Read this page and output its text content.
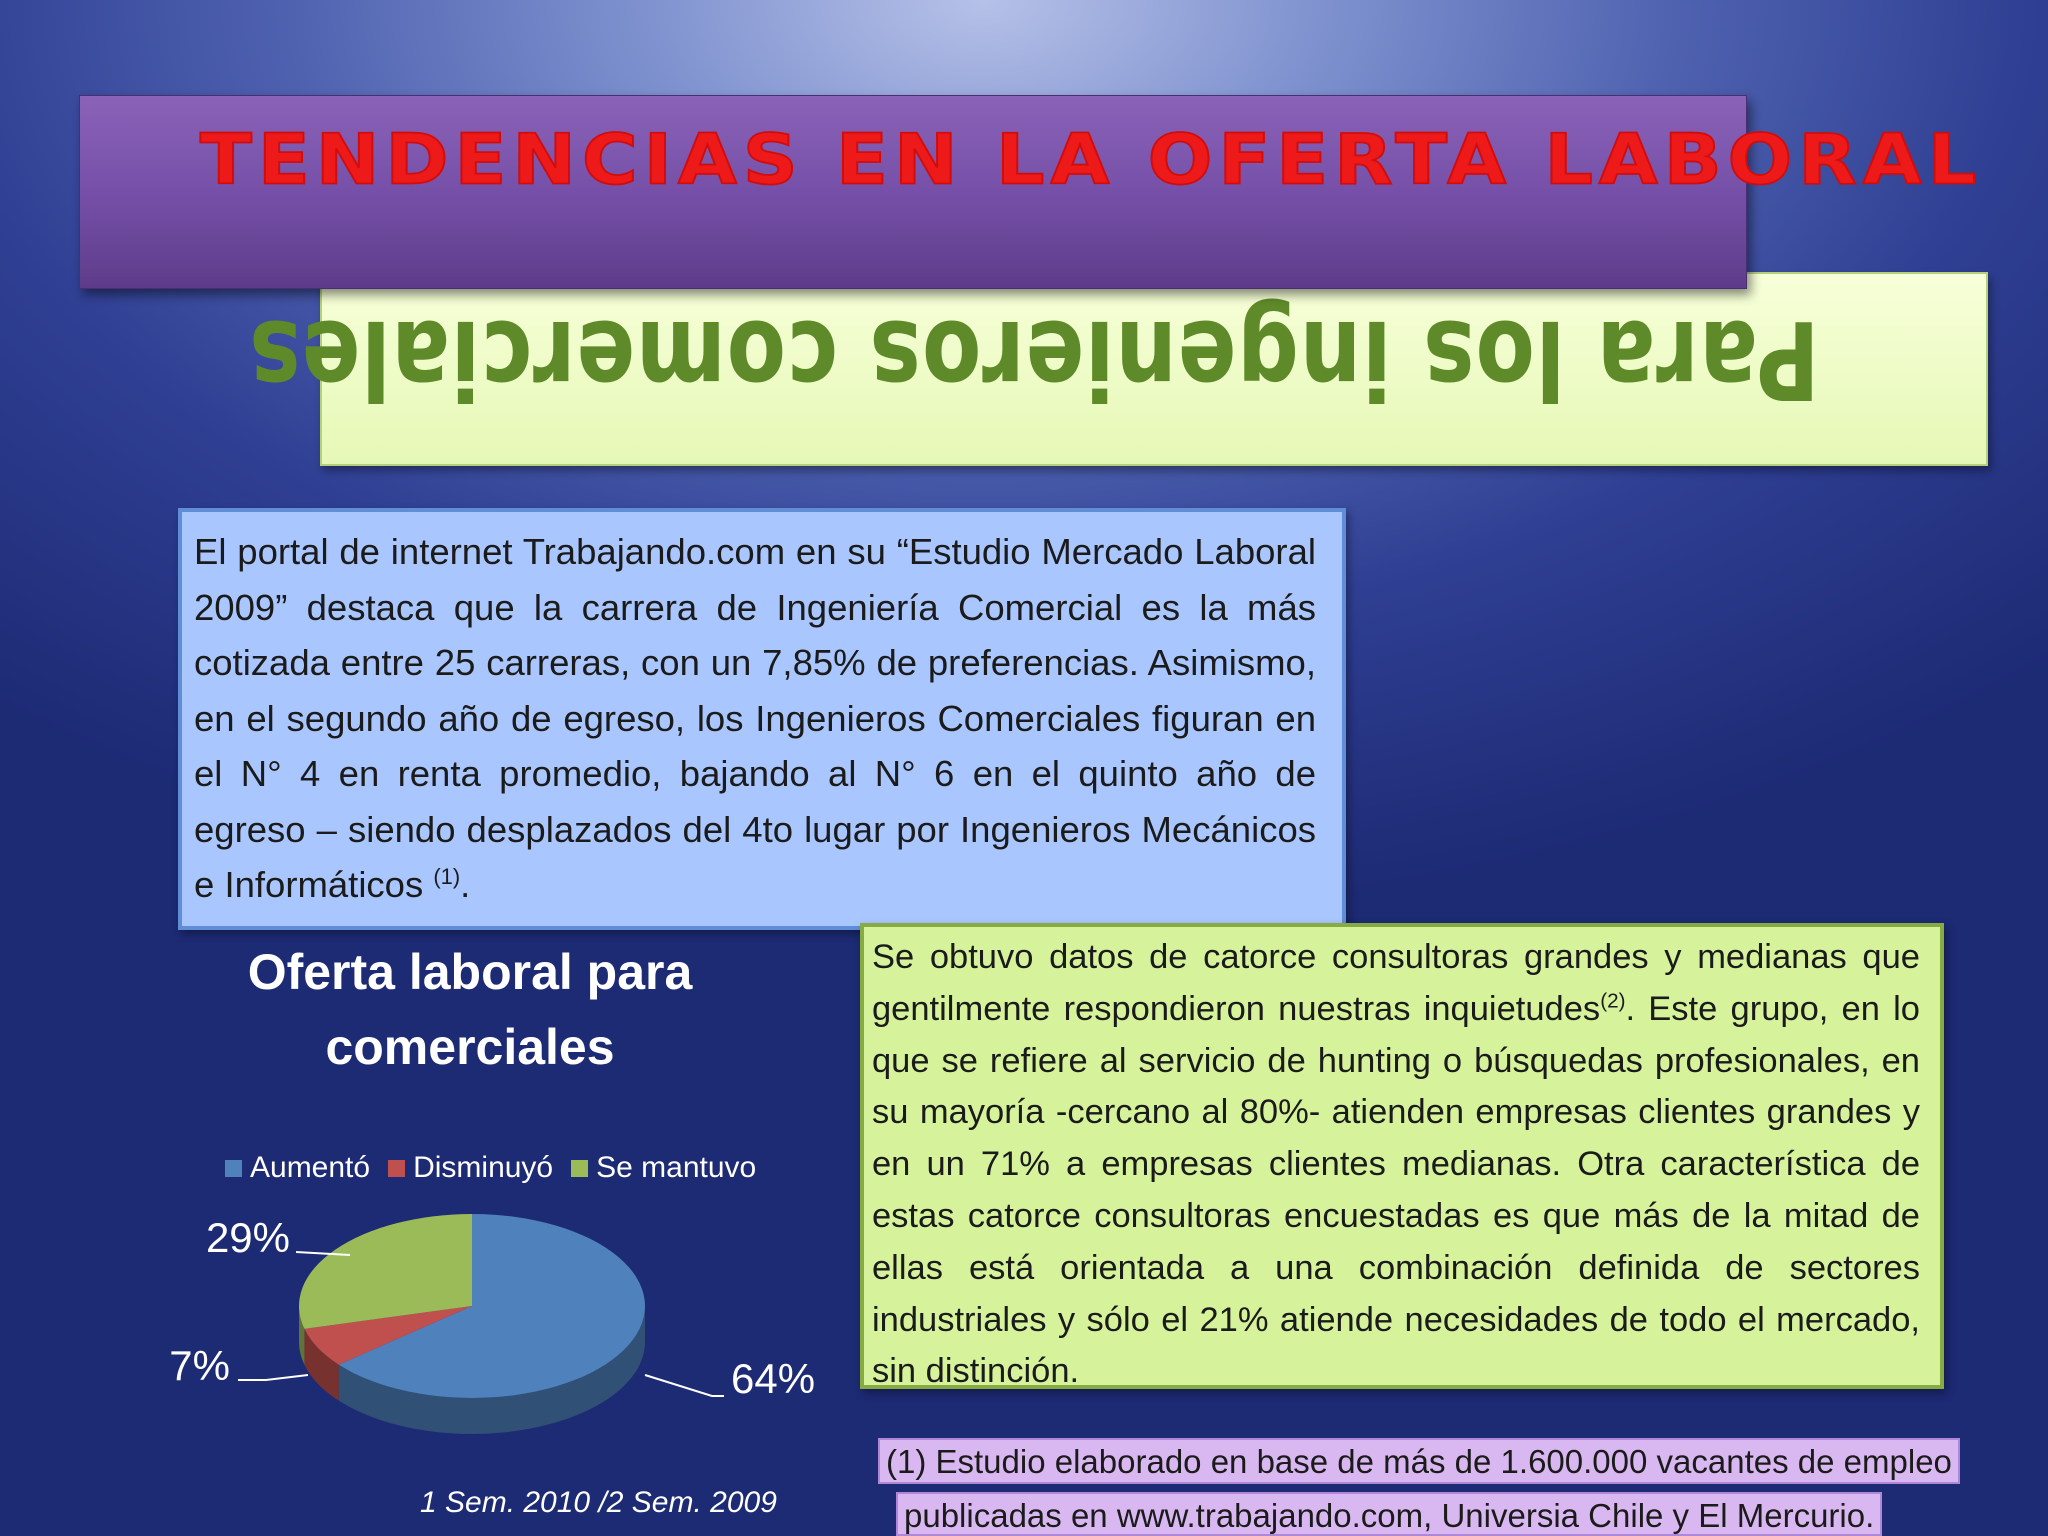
TENDENCIAS EN LA OFERTA LABORAL
Para los ingenieros comerciales

El portal de internet Trabajando.com en su “Estudio Mercado Laboral 2009” destaca que la carrera de Ingeniería Comercial es la más cotizada entre 25 carreras, con un 7,85% de preferencias. Asimismo, en el segundo año de egreso, los Ingenieros Comerciales figuran en el N° 4 en renta promedio, bajando al N° 6 en el quinto año de egreso – siendo desplazados del 4to lugar por Ingenieros Mecánicos e Informáticos $^{(1)}$.

Oferta laboral para comerciales
Aumentó Disminuyó Se mantuvo
64%
7%
29%
1 Sem. 2010 /2 Sem. 2009

Se obtuvo datos de catorce consultoras grandes y medianas que gentilmente respondieron nuestras inquietudes$^{(2)}$. Este grupo, en lo que se refiere al servicio de hunting o búsquedas profesionales, en su mayoría -cercano al 80%- atienden empresas clientes grandes y en un 71% a empresas clientes medianas. Otra característica de estas catorce consultoras encuestadas es que más de la mitad de ellas está orientada a una combinación definida de sectores industriales y sólo el 21% atiende necesidades de todo el mercado, sin distinción.

(1) Estudio elaborado en base de más de 1.600.000 vacantes de empleo
publicadas en www.trabajando.com, Universia Chile y El Mercurio.
